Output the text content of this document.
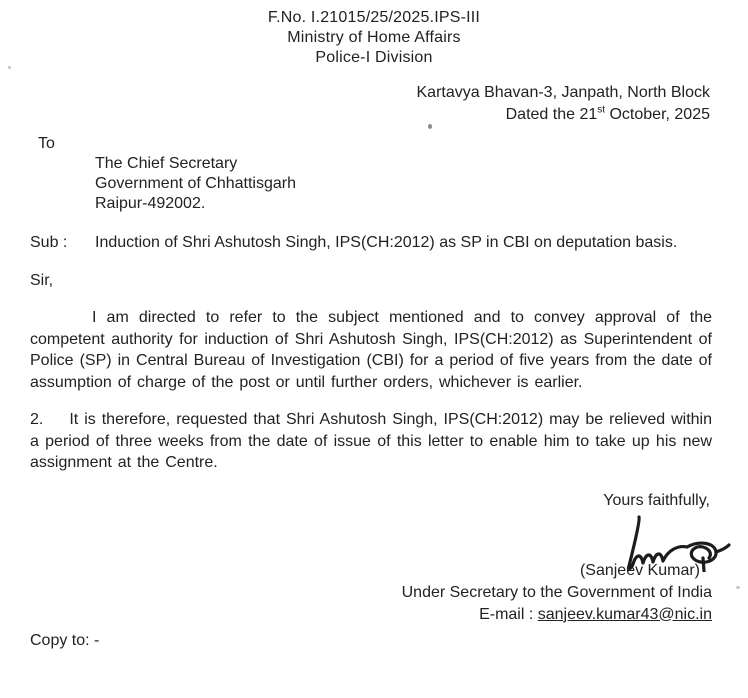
F.No. I.21015/25/2025.IPS-III
Ministry of Home Affairs
Police-I Division
Kartavya Bhavan-3, Janpath, North Block
Dated the 21st October, 2025
To
The Chief Secretary
Government of Chhattisgarh
Raipur-492002.
Sub :	Induction of Shri Ashutosh Singh, IPS(CH:2012) as SP in CBI on deputation basis.
Sir,

I am directed to refer to the subject mentioned and to convey approval of the competent authority for induction of Shri Ashutosh Singh, IPS(CH:2012) as Superintendent of Police (SP) in Central Bureau of Investigation (CBI) for a period of five years from the date of assumption of charge of the post or until further orders, whichever is earlier.

2. It is therefore, requested that Shri Ashutosh Singh, IPS(CH:2012) may be relieved within a period of three weeks from the date of issue of this letter to enable him to take up his new assignment at the Centre.

Yours faithfully,
(Sanjeev Kumar)
Under Secretary to the Government of India
E-mail : sanjeev.kumar43@nic.in
Copy to: -
